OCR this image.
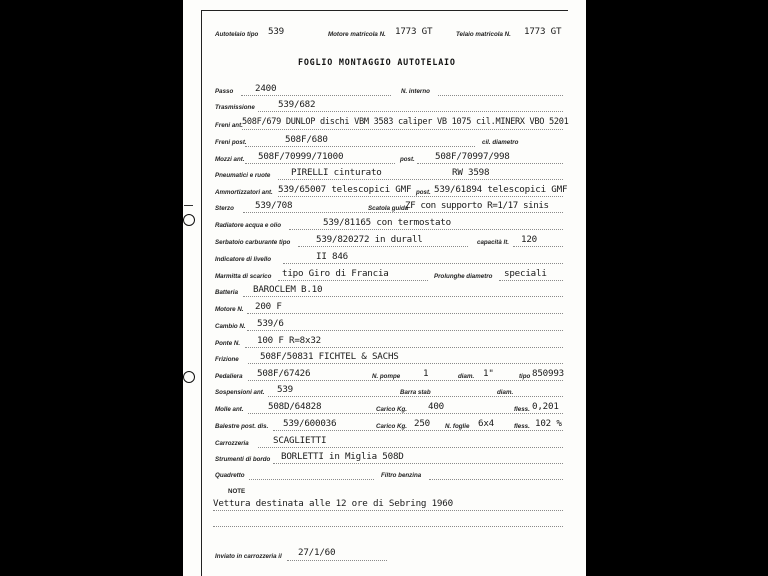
Autotelaio tipo 539	Motore matricola N. 1773 GT	Telaio matricola N. 1773 GT
FOGLIO MONTAGGIO AUTOTELAIO
Passo 2400	N. interno
Trasmissione	539/682
Freni ant. 508F/679 DUNLOP dischi VBM 3583 caliper VB 1075 cil.MINERX VBO 5201
Freni post.	508F/680	cil. diametro
Mozzi ant. 508F/70999/71000	post. 508F/70997/998
Pneumatici e ruote PIRELLI cinturato	RW 3598
Ammortizzatori ant. 539/65007 telescopici GMF post. 539/61894 telescopici GMF
Sterzo 539/708	Scatola guida
ZF con supporto R=1/17 sinis
Radiatore acqua e olio	539/81165 con termostato
Serbatoio carburante tipo	539/820272 in durall	capacità lt. 120
Indicatore di livello	II 846
Marmitta di scarico tipo Giro di Francia	Prolunghe diametro speciali
Batteria BAROCLEM B.10
Motore N. 200 F
Cambio N. 539/6
Ponte N. 100 F R=8x32
Frizione 508F/50831 FICHTEL & SACHS
Pedaliera 508F/67426	N. pompe 1	diam. 1"	tipo 850993
Sospensioni ant. 539	Barra stab	diam.
Molle ant.	508D/64828	Carico Kg. 400	fless. 0,201
Balestre post. dis. 539/600036	Carico Kg. 250 N. foglie 6x4	fless. 102 %
Carrozzeria	SCAGLIETTI
Strumenti di bordo BORLETTI in Miglia 508D
Quadretto	Filtro benzina
NOTE
Vettura destinata alle 12 ore di Sebring 1960
Inviato in carrozzeria il 27/1/60
